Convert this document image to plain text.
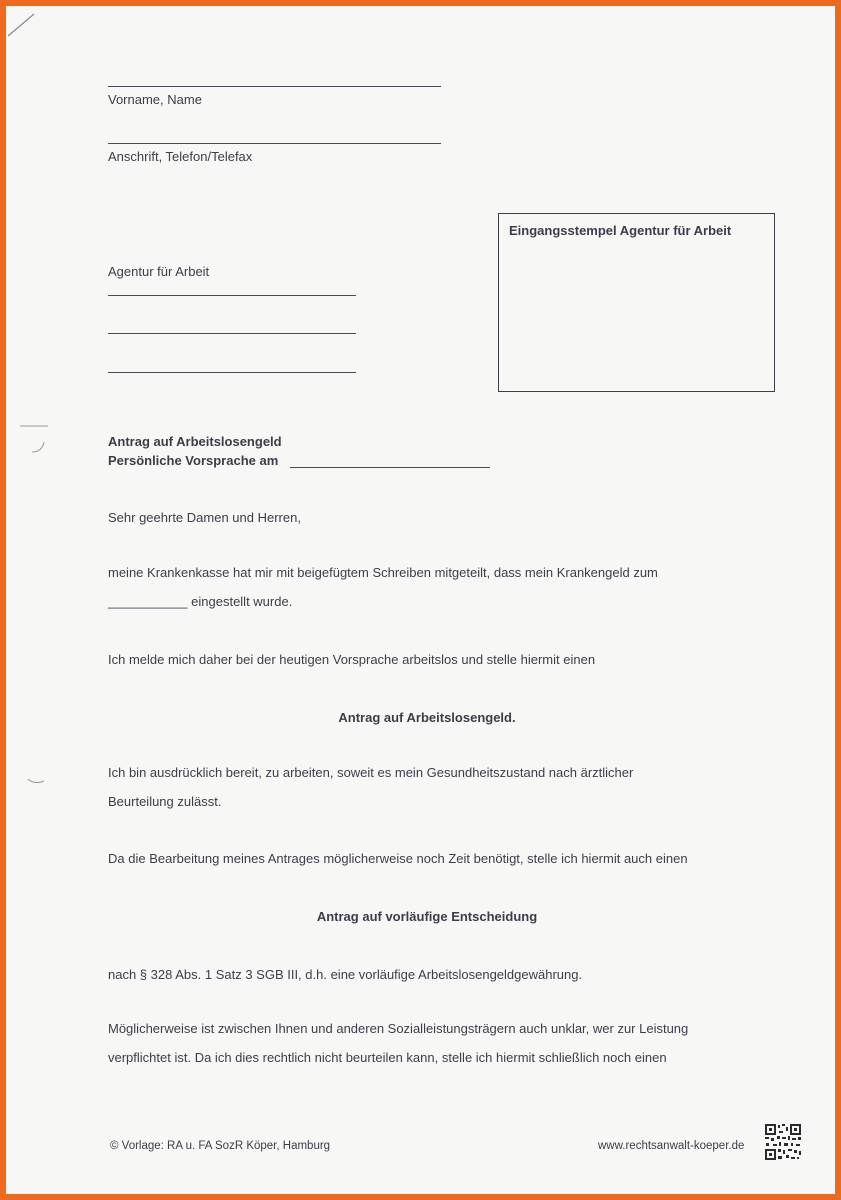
Vorname, Name
Anschrift, Telefon/Telefax
Agentur für Arbeit
Eingangsstempel Agentur für Arbeit
Antrag auf Arbeitslosengeld
Persönliche Vorsprache am
Sehr geehrte Damen und Herren,
meine Krankenkasse hat mir mit beigefügtem Schreiben mitgeteilt, dass mein Krankengeld zum
___________ eingestellt wurde.
Ich melde mich daher bei der heutigen Vorsprache arbeitslos und stelle hiermit einen
Antrag auf Arbeitslosengeld.
Ich bin ausdrücklich bereit, zu arbeiten, soweit es mein Gesundheitszustand nach ärztlicher
Beurteilung zulässt.
Da die Bearbeitung meines Antrages möglicherweise noch Zeit benötigt, stelle ich hiermit auch einen
Antrag auf vorläufige Entscheidung
nach § 328 Abs. 1 Satz 3 SGB III, d.h. eine vorläufige Arbeitslosengeldgewährung.
Möglicherweise ist zwischen Ihnen und anderen Sozialleistungsträgern auch unklar, wer zur Leistung
verpflichtet ist. Da ich dies rechtlich nicht beurteilen kann, stelle ich hiermit schließlich noch einen
© Vorlage: RA u. FA SozR Köper, Hamburg	www.rechtsanwalt-koeper.de
